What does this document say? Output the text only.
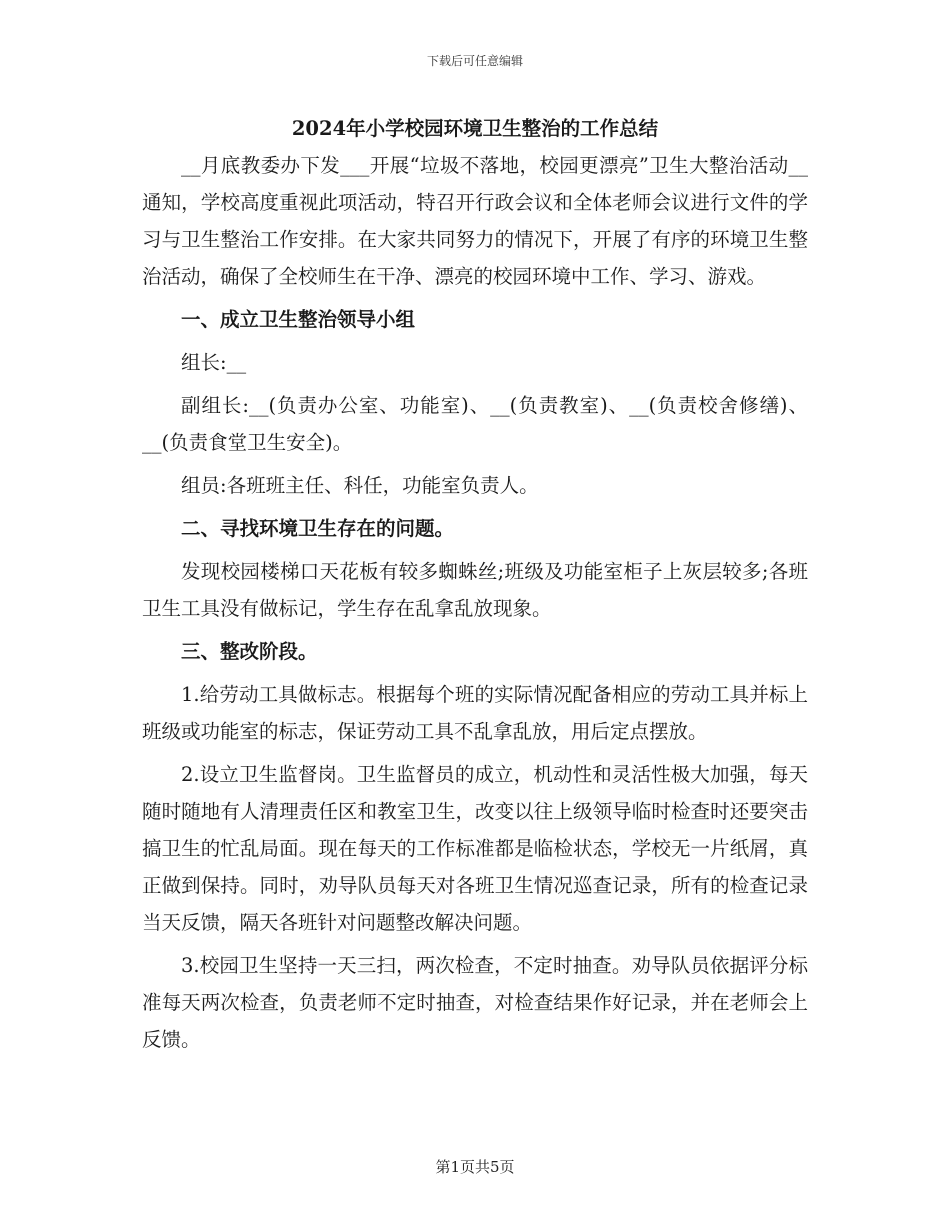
下载后可任意编辑
2024年小学校园环境卫生整治的工作总结

__月底教委办下发___开展“垃圾不落地，校园更漂亮”卫生大整治活动__通知，学校高度重视此项活动，特召开行政会议和全体老师会议进行文件的学习与卫生整治工作安排。在大家共同努力的情况下，开展了有序的环境卫生整治活动，确保了全校师生在干净、漂亮的校园环境中工作、学习、游戏。

一、成立卫生整治领导小组

组长:__

副组长:__(负责办公室、功能室)、__(负责教室)、__(负责校舍修缮)、__(负责食堂卫生安全)。

组员:各班班主任、科任，功能室负责人。

二、寻找环境卫生存在的问题。

发现校园楼梯口天花板有较多蜘蛛丝;班级及功能室柜子上灰层较多;各班卫生工具没有做标记，学生存在乱拿乱放现象。

三、整改阶段。

1.给劳动工具做标志。根据每个班的实际情况配备相应的劳动工具并标上班级或功能室的标志，保证劳动工具不乱拿乱放，用后定点摆放。

2.设立卫生监督岗。卫生监督员的成立，机动性和灵活性极大加强，每天随时随地有人清理责任区和教室卫生，改变以往上级领导临时检查时还要突击搞卫生的忙乱局面。现在每天的工作标准都是临检状态，学校无一片纸屑，真正做到保持。同时，劝导队员每天对各班卫生情况巡查记录，所有的检查记录当天反馈，隔天各班针对问题整改解决问题。

3.校园卫生坚持一天三扫，两次检查，不定时抽查。劝导队员依据评分标准每天两次检查，负责老师不定时抽查，对检查结果作好记录，并在老师会上反馈。

第1页共5页
